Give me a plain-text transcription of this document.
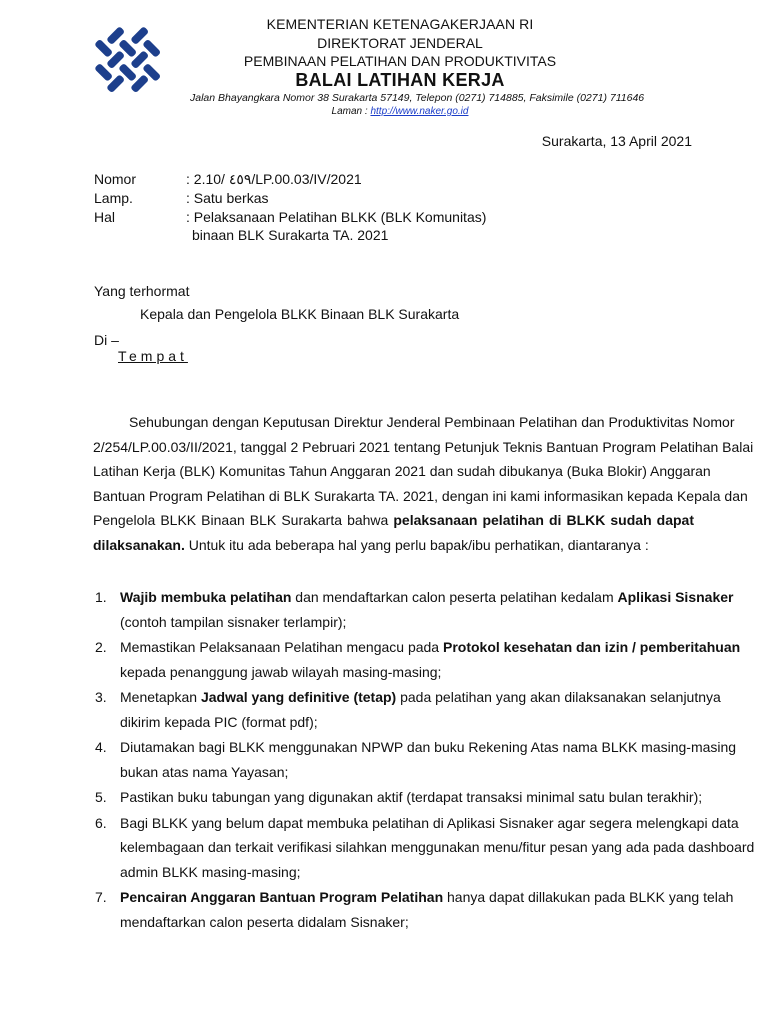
KEMENTERIAN KETENAGAKERJAAN RI
DIREKTORAT JENDERAL
PEMBINAAN PELATIHAN DAN PRODUKTIVITAS
BALAI LATIHAN KERJA
Jalan Bhayangkara Nomor 38 Surakarta 57149, Telepon (0271) 714885, Faksimile (0271) 711646
Laman : http://www.naker.go.id
Surakarta, 13 April 2021
Nomor	: 2.10/ ٤٥٩/LP.00.03/IV/2021
Lamp.	: Satu berkas
Hal	: Pelaksanaan Pelatihan BLKK (BLK Komunitas)
binaan BLK Surakarta TA. 2021
Yang terhormat
Kepala dan Pengelola BLKK Binaan BLK Surakarta
Di –
Tempat
Sehubungan dengan Keputusan Direktur Jenderal Pembinaan Pelatihan dan Produktivitas Nomor
2/254/LP.00.03/II/2021, tanggal 2 Pebruari 2021 tentang Petunjuk Teknis Bantuan Program Pelatihan Balai
Latihan Kerja (BLK) Komunitas Tahun Anggaran 2021 dan sudah dibukanya (Buka Blokir) Anggaran
Bantuan Program Pelatihan di BLK Surakarta TA. 2021, dengan ini kami informasikan kepada Kepala dan
Pengelola BLKK Binaan BLK Surakarta bahwa pelaksanaan pelatihan di BLKK sudah dapat
dilaksanakan. Untuk itu ada beberapa hal yang perlu bapak/ibu perhatikan, diantaranya :
1. Wajib membuka pelatihan dan mendaftarkan calon peserta pelatihan kedalam Aplikasi Sisnaker
(contoh tampilan sisnaker terlampir);
2. Memastikan Pelaksanaan Pelatihan mengacu pada Protokol kesehatan dan izin / pemberitahuan
kepada penanggung jawab wilayah masing-masing;
3. Menetapkan Jadwal yang definitive (tetap) pada pelatihan yang akan dilaksanakan selanjutnya
dikirim kepada PIC (format pdf);
4. Diutamakan bagi BLKK menggunakan NPWP dan buku Rekening Atas nama BLKK masing-masing
bukan atas nama Yayasan;
5. Pastikan buku tabungan yang digunakan aktif (terdapat transaksi minimal satu bulan terakhir);
6. Bagi BLKK yang belum dapat membuka pelatihan di Aplikasi Sisnaker agar segera melengkapi data
kelembagaan dan terkait verifikasi silahkan menggunakan menu/fitur pesan yang ada pada dashboard
admin BLKK masing-masing;
7. Pencairan Anggaran Bantuan Program Pelatihan hanya dapat dillakukan pada BLKK yang telah
mendaftarkan calon peserta didalam Sisnaker;
